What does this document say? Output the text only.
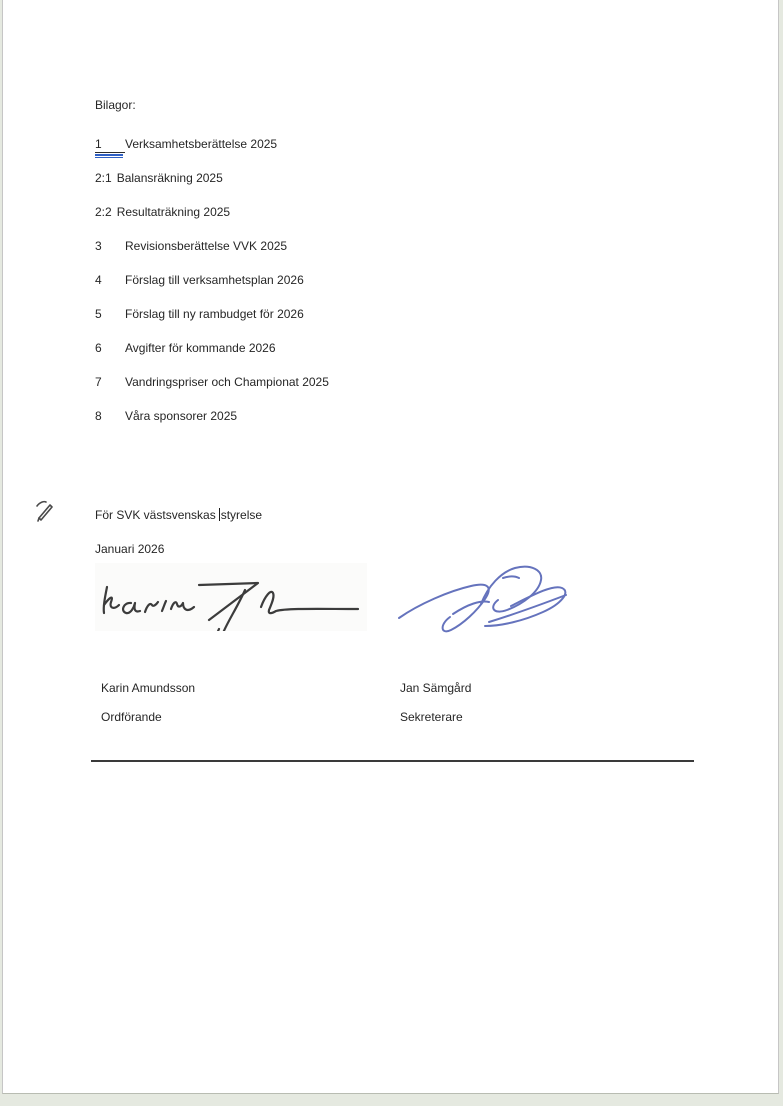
Bilagor:
1 Verksamhetsberättelse 2025
2:1 Balansräkning 2025
2:2 Resultaträkning 2025
3 Revisionsberättelse VVK 2025
4 Förslag till verksamhetsplan 2026
5 Förslag till ny rambudget för 2026
6 Avgifter för kommande 2026
7 Vandringspriser och Championat 2025
8 Våra sponsorer 2025
För SVK västsvenskas styrelse
Januari 2026
Karin Amundsson
Ordförande
Jan Sämgård
Sekreterare
